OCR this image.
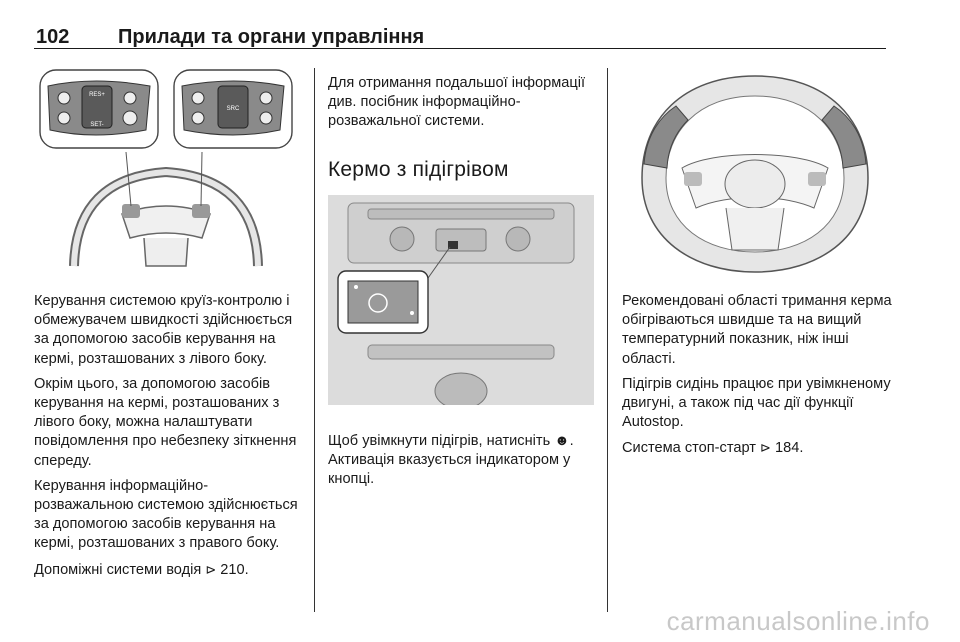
102 Прилади та органи управління
RES+
SET-
SRC

Керування системою круїз-контролю і обмежувачем швидкості здійснюється за допомогою засобів керування на кермі, розташованих з лівого боку.

Окрім цього, за допомогою засобів керування на кермі, розташованих з лівого боку, можна налаштувати повідомлення про небезпеку зіткнення спереду.

Керування інформаційно-розважальною системою здійснюється за допомогою засобів керування на кермі, розташованих з правого боку.

Допоміжні системи водія ⊳ 210.

Для отримання подальшої інформації див. посібник інформаційно-розважальної системи.

Кермо з підігрівом

Щоб увімкнути підігрів, натисніть

☻.

Активація вказується індикатором у кнопці.

Рекомендовані області тримання керма обігріваються швидше та на вищий температурний показник, ніж інші області.

Підігрів сидінь працює при увімкненому двигуні, а також під час дії функції Autostop.

Система стоп-старт ⊳ 184.

carmanualsonline.info
